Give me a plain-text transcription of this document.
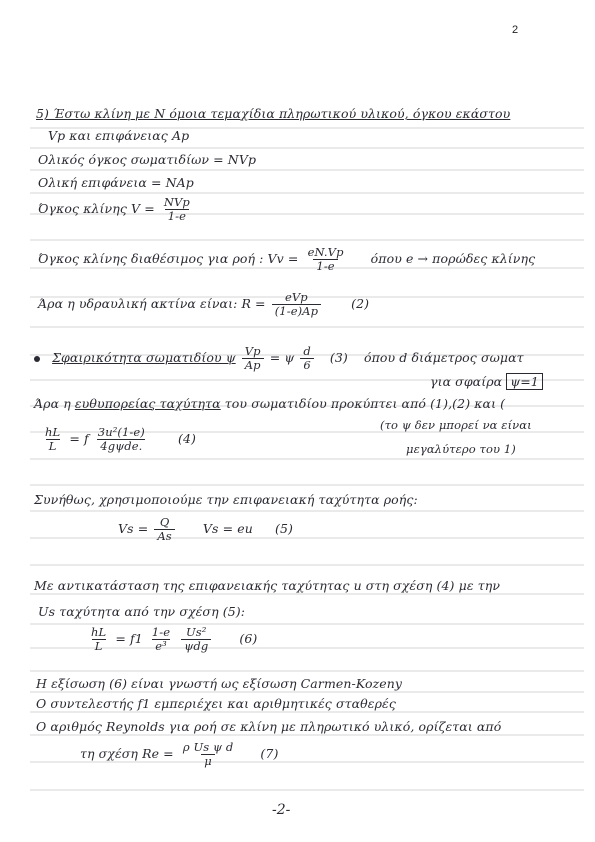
2
5) Έστω κλίνη με Ν όμοια τεμαχίδια πληρωτικού υλικού, όγκου εκάστου
Vp και επιφάνειας Ap
Ολικός όγκος σωματιδίων = ΝVp
Ολική επιφάνεια = ΝAp
Όγκος κλίνης $V = \frac{\text{NVp}}{1-e}$
Όγκος κλίνης διαθέσιμος για ροή : $Vv = \frac{eN.Vp}{1-e}$ όπου e → πορώδες κλίνης
Άρα η υδραυλική ακτίνα είναι: $R = \frac{\text{eVp}}{(1-e)Ap} (2)$
Σφαιρικότητα σωματιδίου ψ $\frac{Vp}{Ap} = \psi \frac{d}{6} (3)$ όπου d διάμετρος σωματ
για σφαίρα ψ=1
Άρα η ευθυπορείας ταχύτητα του σωματιδίου προκύπτει από (1),(2) και (
$\frac{hL}{L} = f \frac{\text{3u²(1-e)}}{\text{4gψde.}} (4)$
(το ψ δεν μπορεί να είναι
μεγαλύτερο του 1)
Συνήθως, χρησιμοποιούμε την επιφανειακή ταχύτητα ροής:
$Vs = \frac{Q}{As}$ Vs = eu (5)
Με αντικατάσταση της επιφανειακής ταχύτητας u στη σχέση (4) με την
Us ταχύτητα από την σχέση (5):
$\frac{hL}{L} = f1 \frac{1-e}{\text{e³}}$
$\frac{\text{Us²}}{\text{ψdg}} (6)$
Η εξίσωση (6) είναι γνωστή ως εξίσωση Carmen-Kozeny
Ο συντελεστής f1 εμπεριέχει και αριθμητικές σταθερές
Ο αριθμός Reynolds για ροή σε κλίνη με πληρωτικό υλικό, ορίζεται από
τη σχέση $Re = \frac{\text{ρ Us ψ d}}{\mu} (7)$
-2-
